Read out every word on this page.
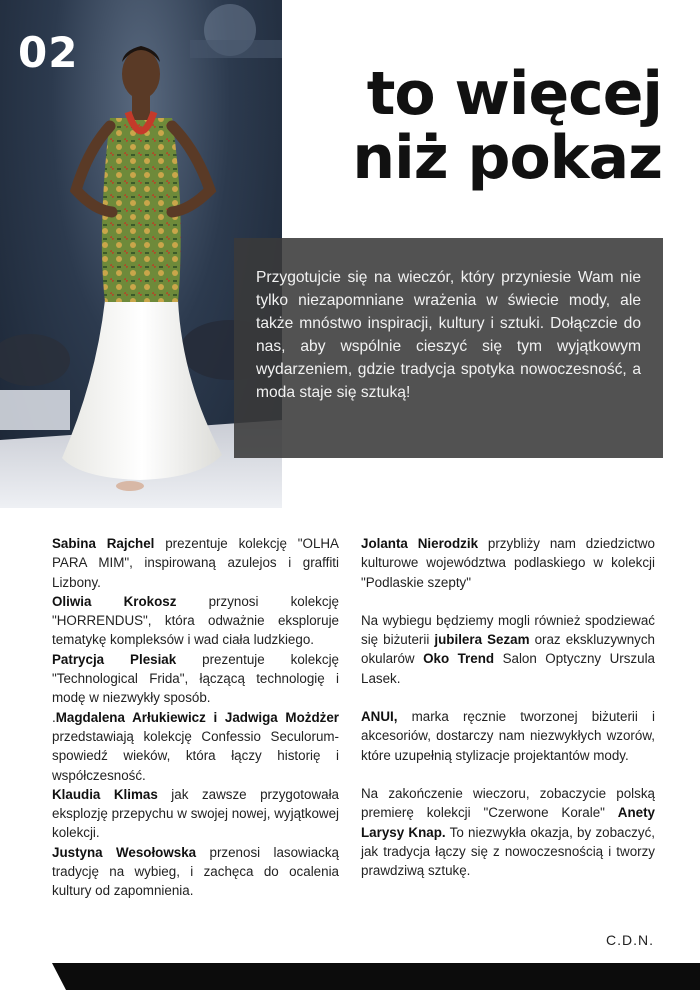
02
to więcej
niż pokaz

Przygotujcie się na wieczór, który przyniesie Wam nie tylko niezapomniane wrażenia w świecie mody, ale także mnóstwo inspiracji, kultury i sztuki. Dołączcie do nas, aby wspólnie cieszyć się tym wyjątkowym wydarzeniem, gdzie tradycja spotyka nowoczesność, a moda staje się sztuką!

Sabina Rajchel prezentuje kolekcję "OLHA PARA MIM", inspirowaną azulejos i graffiti Lizbony.

Oliwia Krokosz przynosi kolekcję "HORRENDUS", która odważnie eksploruje tematykę kompleksów i wad ciała ludzkiego.

Patrycja Plesiak prezentuje kolekcję "Technological Frida", łączącą technologię i modę w niezwykły sposób.

.Magdalena Arłukiewicz i Jadwiga Możdżer przedstawiają kolekcję Confessio Seculorum- spowiedź wieków, która łączy historię i współczesność.

Klaudia Klimas jak zawsze przygotowała eksplozję przepychu w swojej nowej, wyjątkowej kolekcji.

Justyna Wesołowska przenosi lasowiacką tradycję na wybieg, i zachęca do ocalenia kultury od zapomnienia.

Jolanta Nierodzik przybliży nam dziedzictwo kulturowe województwa podlaskiego w kolekcji "Podlaskie szepty"

Na wybiegu będziemy mogli również spodziewać się biżuterii jubilera Sezam oraz ekskluzywnych okularów Oko Trend Salon Optyczny Urszula Lasek.

ANUI, marka ręcznie tworzonej biżuterii i akcesoriów, dostarczy nam niezwykłych wzorów, które uzupełnią stylizacje projektantów mody.

Na zakończenie wieczoru, zobaczycie polską premierę kolekcji "Czerwone Korale" Anety Larysy Knap. To niezwykła okazja, by zobaczyć, jak tradycja łączy się z nowoczesnością i tworzy prawdziwą sztukę.

C.D.N.
